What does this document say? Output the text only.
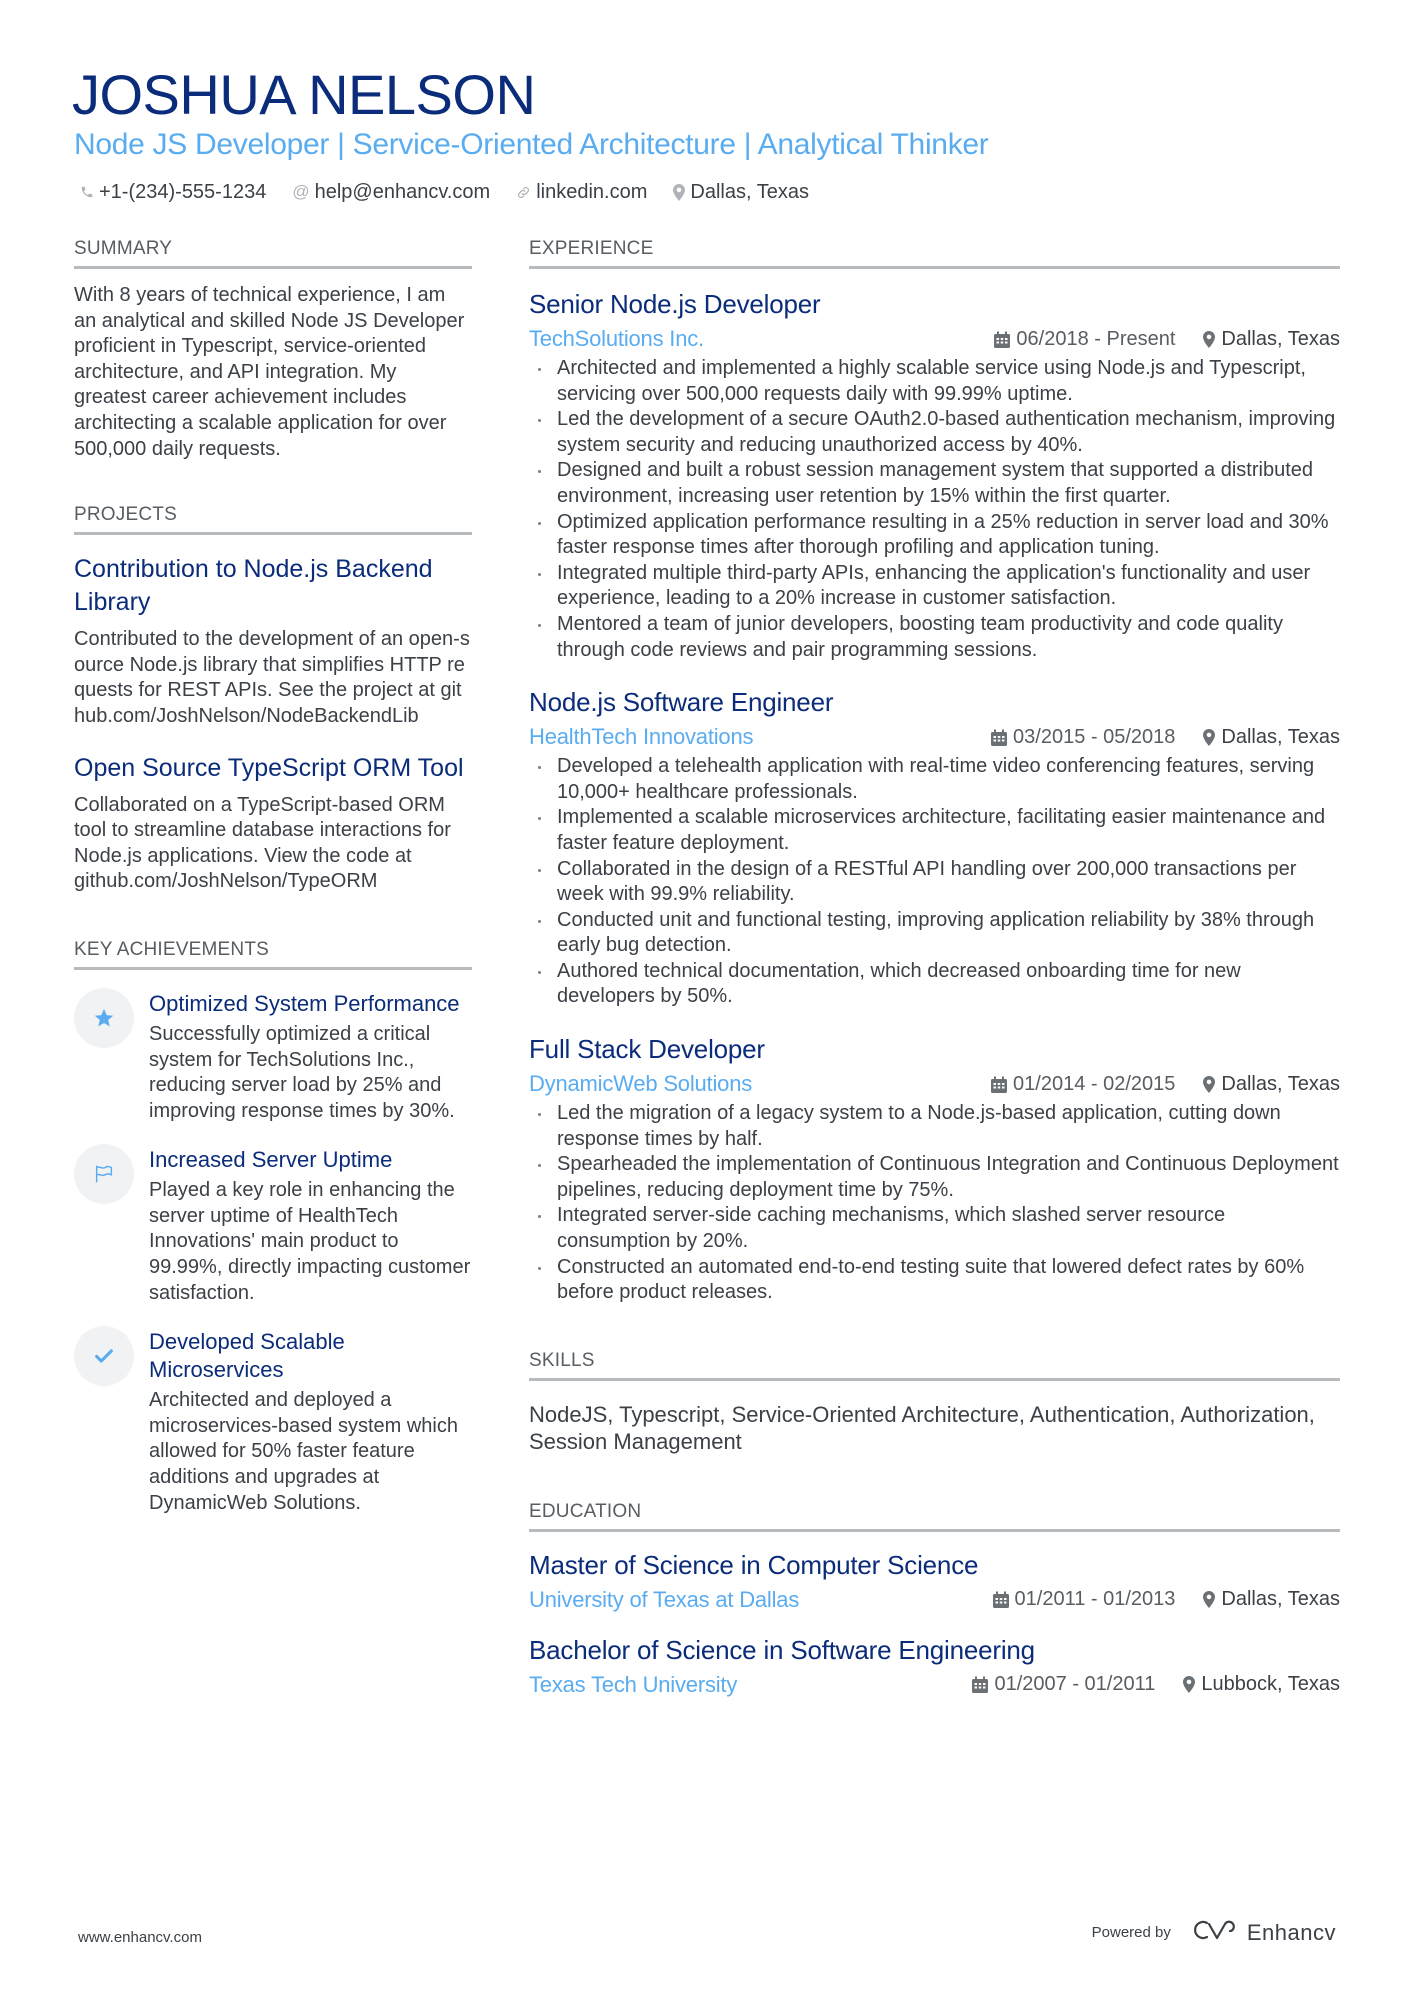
JOSHUA NELSON
Node JS Developer | Service-Oriented Architecture | Analytical Thinker
+1-(234)-555-1234 @ help@enhancv.com linkedin.com Dallas, Texas
SUMMARY

With 8 years of technical experience, I am an analytical and skilled Node JS Developer proficient in Typescript, service-oriented architecture, and API integration. My greatest career achievement includes architecting a scalable application for over 500,000 daily requests.

PROJECTS
Contribution to Node.js Backend Library

Contributed to the development of an open-source Node.js library that simplifies HTTP requests for REST APIs. See the project at github.com/JoshNelson/NodeBackendLib

Open Source TypeScript ORM Tool

Collaborated on a TypeScript-based ORM tool to streamline database interactions for Node.js applications. View the code at github.com/JoshNelson/TypeORM

KEY ACHIEVEMENTS
Optimized System Performance

Successfully optimized a critical system for TechSolutions Inc., reducing server load by 25% and improving response times by 30%.

Increased Server Uptime

Played a key role in enhancing the server uptime of HealthTech Innovations' main product to 99.99%, directly impacting customer satisfaction.

Developed Scalable Microservices

Architected and deployed a microservices-based system which allowed for 50% faster feature additions and upgrades at DynamicWeb Solutions.

EXPERIENCE
Senior Node.js Developer
TechSolutions Inc.	06/2018 - Present Dallas, Texas
Architected and implemented a highly scalable service using Node.js and Typescript, servicing over 500,000 requests daily with 99.99% uptime.
Led the development of a secure OAuth2.0-based authentication mechanism, improving system security and reducing unauthorized access by 40%.
Designed and built a robust session management system that supported a distributed environment, increasing user retention by 15% within the first quarter.
Optimized application performance resulting in a 25% reduction in server load and 30% faster response times after thorough profiling and application tuning.
Integrated multiple third-party APIs, enhancing the application's functionality and user experience, leading to a 20% increase in customer satisfaction.
Mentored a team of junior developers, boosting team productivity and code quality through code reviews and pair programming sessions.
Node.js Software Engineer
HealthTech Innovations	03/2015 - 05/2018 Dallas, Texas
Developed a telehealth application with real-time video conferencing features, serving 10,000+ healthcare professionals.
Implemented a scalable microservices architecture, facilitating easier maintenance and faster feature deployment.
Collaborated in the design of a RESTful API handling over 200,000 transactions per week with 99.9% reliability.
Conducted unit and functional testing, improving application reliability by 38% through early bug detection.
Authored technical documentation, which decreased onboarding time for new developers by 50%.
Full Stack Developer
DynamicWeb Solutions	01/2014 - 02/2015 Dallas, Texas
Led the migration of a legacy system to a Node.js-based application, cutting down response times by half.
Spearheaded the implementation of Continuous Integration and Continuous Deployment pipelines, reducing deployment time by 75%.
Integrated server-side caching mechanisms, which slashed server resource consumption by 20%.
Constructed an automated end-to-end testing suite that lowered defect rates by 60% before product releases.
SKILLS

NodeJS, Typescript, Service-Oriented Architecture, Authentication, Authorization, Session Management

EDUCATION
Master of Science in Computer Science
University of Texas at Dallas	01/2011 - 01/2013 Dallas, Texas
Bachelor of Science in Software Engineering
Texas Tech University	01/2007 - 01/2011 Lubbock, Texas
www.enhancv.com	Powered by	Enhancv
